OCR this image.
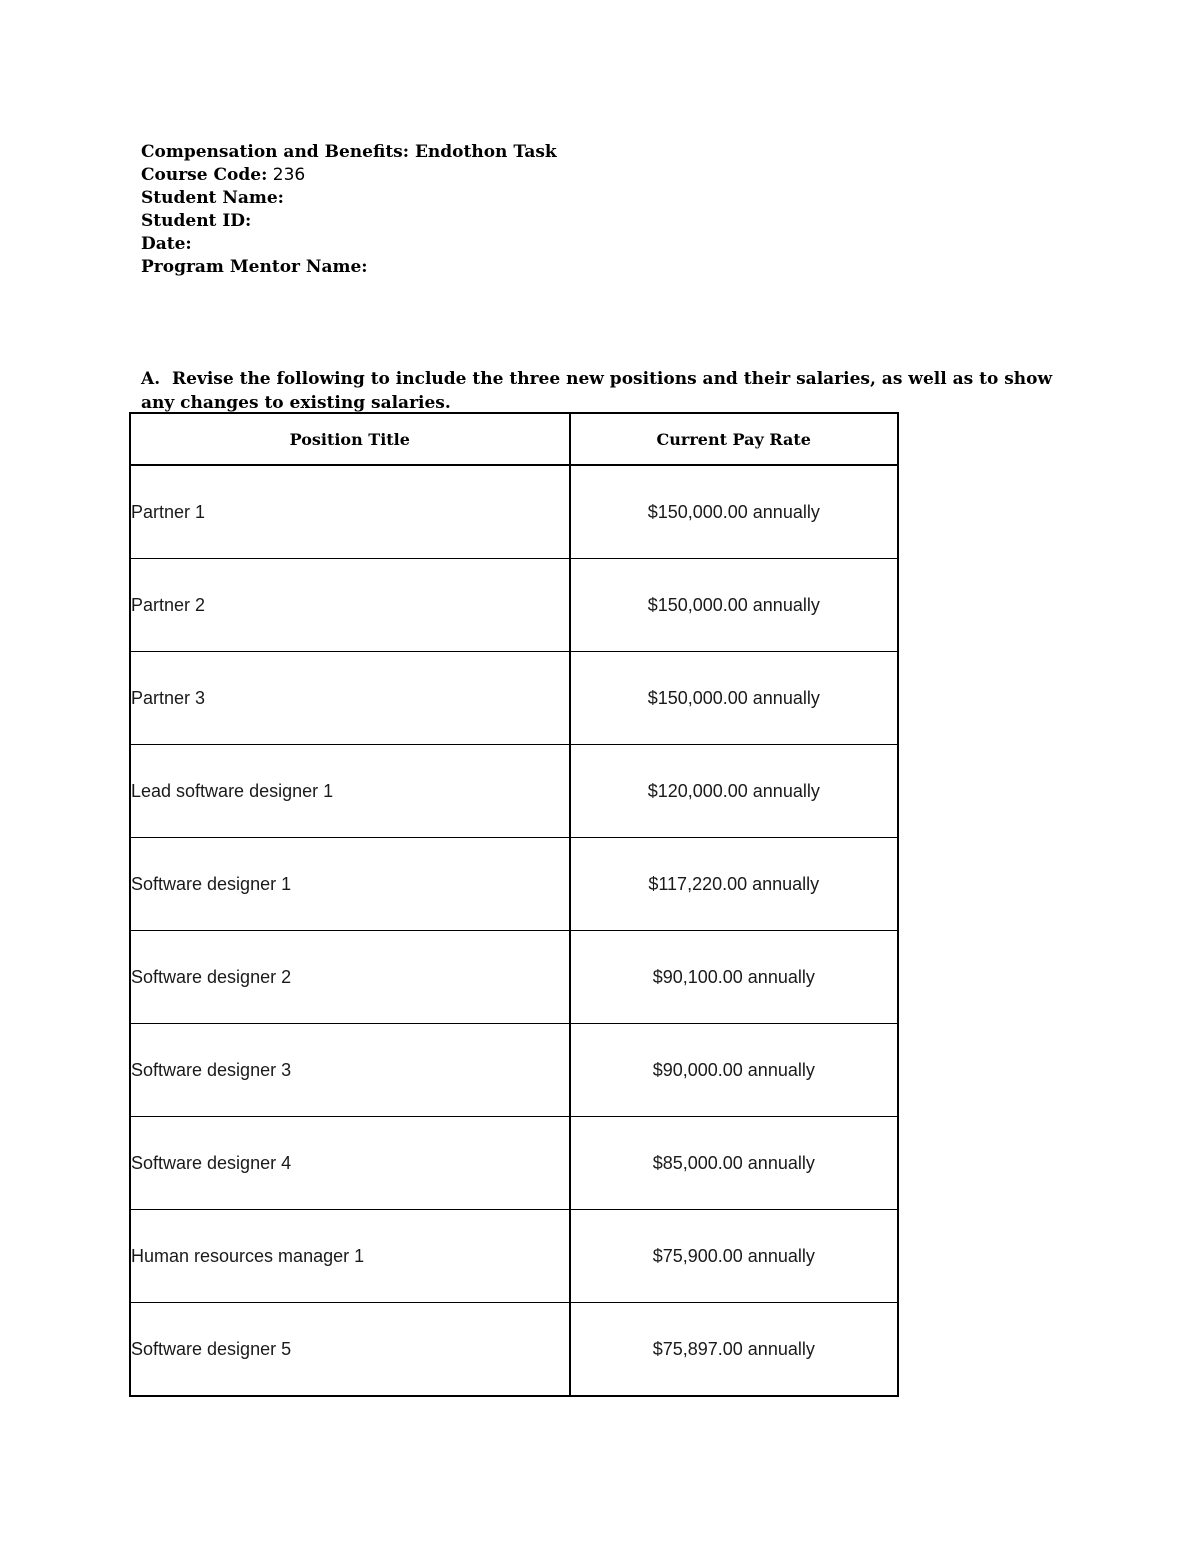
Compensation and Benefits: Endothon Task
Course Code: 236
Student Name:
Student ID:
Date:
Program Mentor Name:
A. Revise the following to include the three new positions and their salaries, as well as to show any changes to existing salaries.
Position Title	Current Pay Rate
Partner 1	$150,000.00 annually
Partner 2	$150,000.00 annually
Partner 3	$150,000.00 annually
Lead software designer 1	$120,000.00 annually
Software designer 1	$117,220.00 annually
Software designer 2	$90,100.00 annually
Software designer 3	$90,000.00 annually
Software designer 4	$85,000.00 annually
Human resources manager 1	$75,900.00 annually
Software designer 5	$75,897.00 annually
